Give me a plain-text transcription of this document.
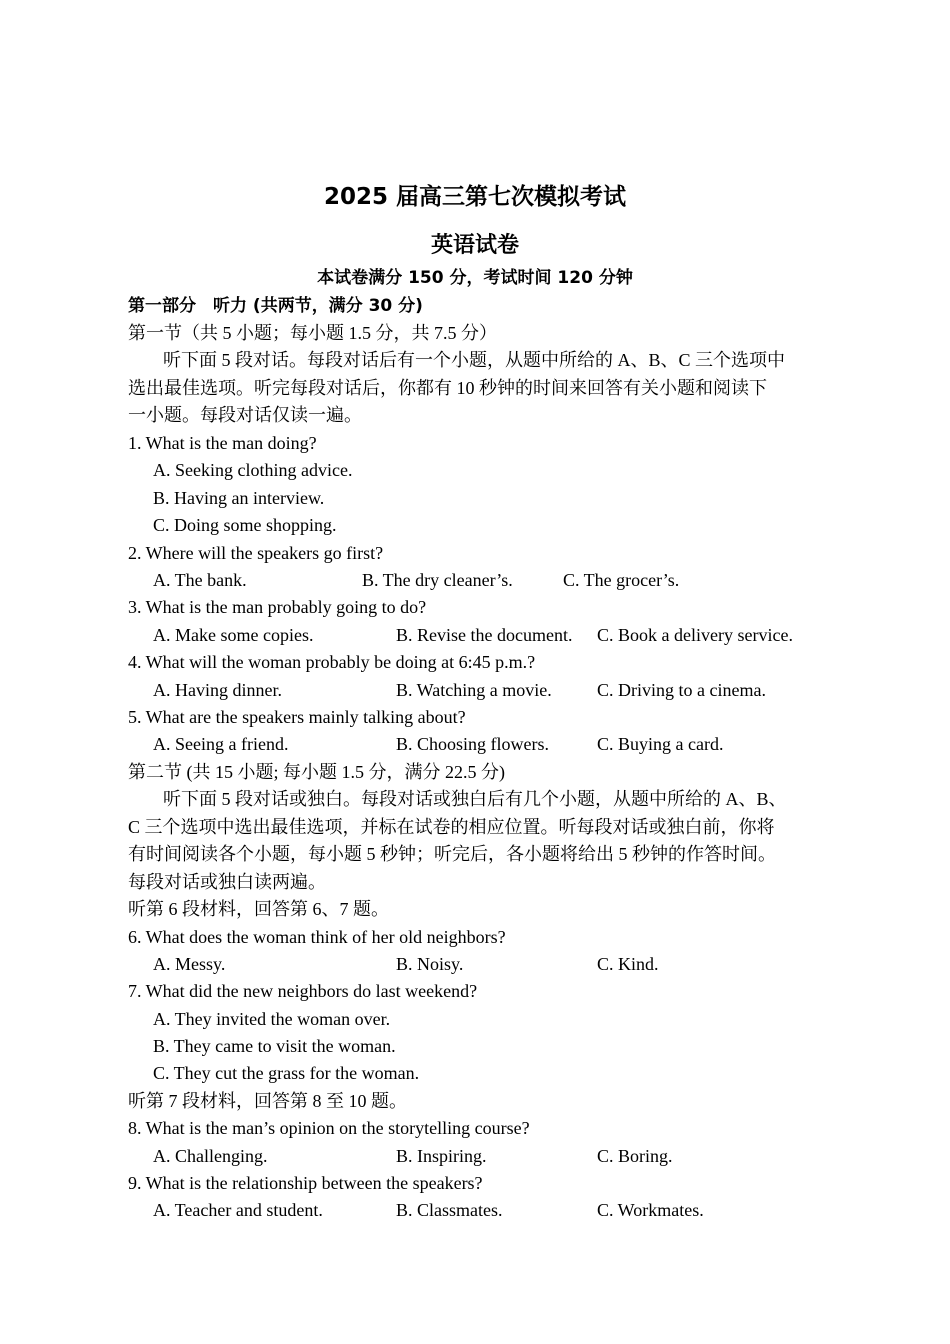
2025 届高三第七次模拟考试
英语试卷
本试卷满分 150 分，考试时间 120 分钟
第一部分　听力 (共两节，满分 30 分)
第一节（共 5 小题；每小题 1.5 分，共 7.5 分）
听下面 5 段对话。每段对话后有一个小题，从题中所给的 A、B、C 三个选项中
选出最佳选项。听完每段对话后，你都有 10 秒钟的时间来回答有关小题和阅读下
一小题。每段对话仅读一遍。
1. What is the man doing?
A. Seeking clothing advice.
B. Having an interview.
C. Doing some shopping.
2. Where will the speakers go first?
A. The bank.	B. The dry cleaner’s.	C. The grocer’s.
3. What is the man probably going to do?
A. Make some copies.	B. Revise the document. C. Book a delivery service.
4. What will the woman probably be doing at 6:45 p.m.?
A. Having dinner.	B. Watching a movie.	C. Driving to a cinema.
5. What are the speakers mainly talking about?
A. Seeing a friend.	B. Choosing flowers.	C. Buying a card.
第二节 (共 15 小题; 每小题 1.5 分，满分 22.5 分)
听下面 5 段对话或独白。每段对话或独白后有几个小题，从题中所给的 A、B、
C 三个选项中选出最佳选项，并标在试卷的相应位置。听每段对话或独白前，你将
有时间阅读各个小题，每小题 5 秒钟；听完后，各小题将给出 5 秒钟的作答时间。
每段对话或独白读两遍。
听第 6 段材料，回答第 6、7 题。
6. What does the woman think of her old neighbors?
A. Messy.	B. Noisy.	C. Kind.
7. What did the new neighbors do last weekend?
A. They invited the woman over.
B. They came to visit the woman.
C. They cut the grass for the woman.
听第 7 段材料，回答第 8 至 10 题。
8. What is the man’s opinion on the storytelling course?
A. Challenging.	B. Inspiring.	C. Boring.
9. What is the relationship between the speakers?
A. Teacher and student.	B. Classmates.	C. Workmates.
